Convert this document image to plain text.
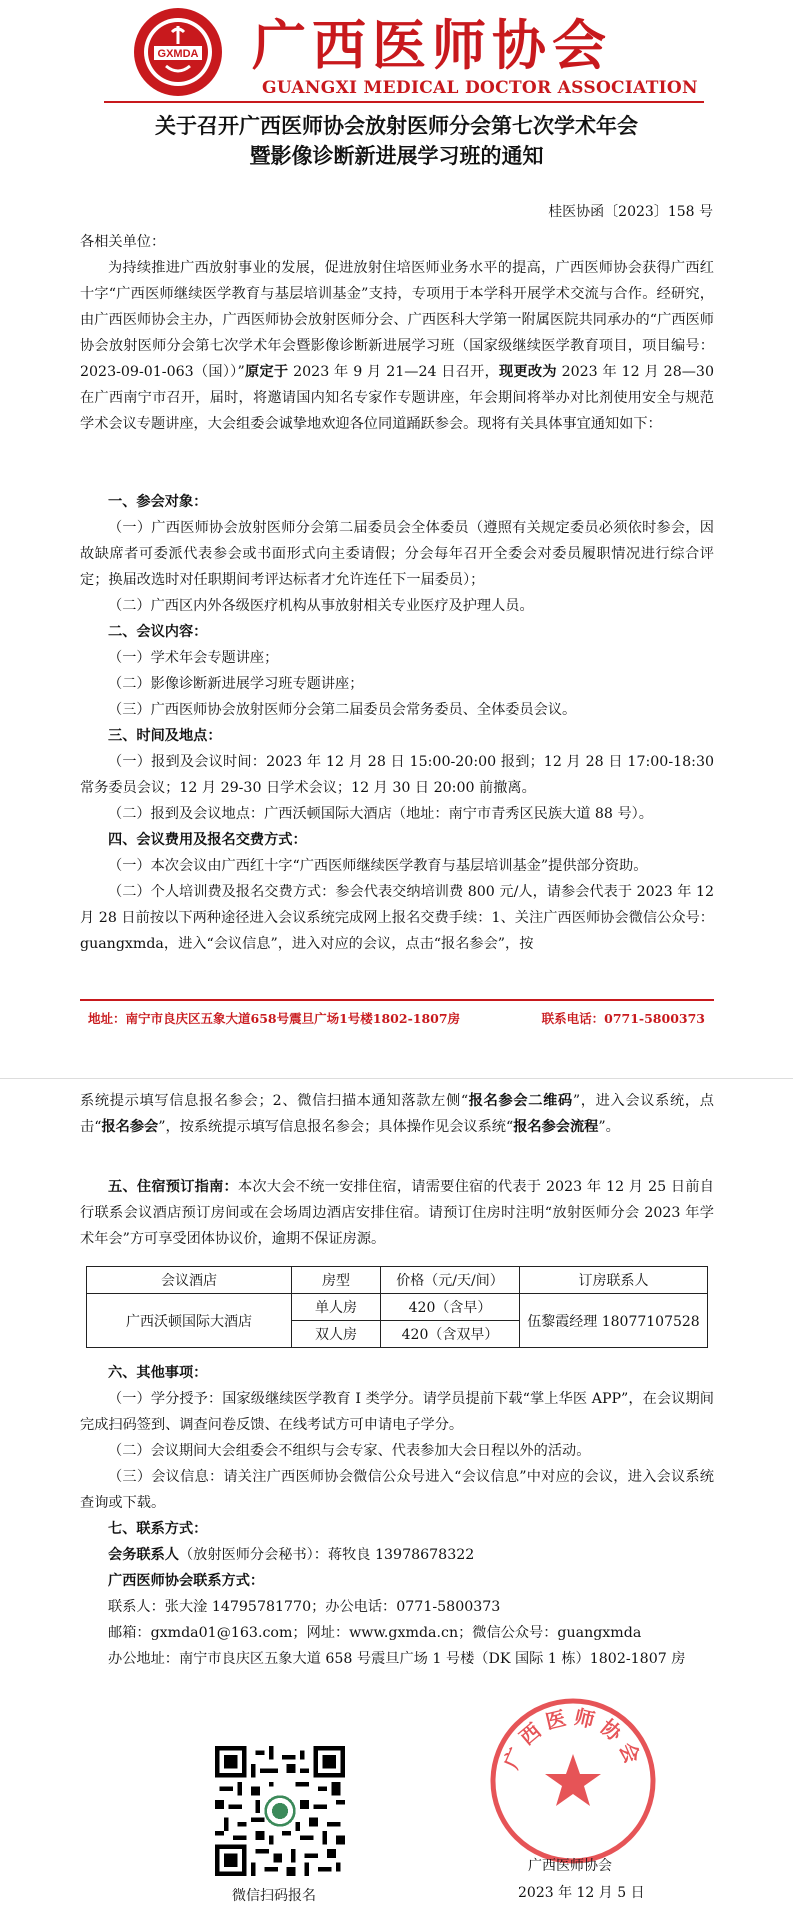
GXMDA 广西医师协会
GUANGXI MEDICAL DOCTOR ASSOCIATION
关于召开广西医师协会放射医师分会第七次学术年会
暨影像诊断新进展学习班的通知
桂医协函〔2023〕158 号
各相关单位：
为持续推进广西放射事业的发展，促进放射住培医师业务水平的提高，广西医师协会获得广西红十字“广西医师继续医学教育与基层培训基金”支持，专项用于本学科开展学术交流与合作。经研究，由广西医师协会主办，广西医师协会放射医师分会、广西医科大学第一附属医院共同承办的“广西医师协会放射医师分会第七次学术年会暨影像诊断新进展学习班（国家级继续医学教育项目，项目编号：2023-09-01-063（国））”原定于 2023 年 9 月 21—24 日召开，现更改为 2023 年 12 月 28—30 在广西南宁市召开，届时，将邀请国内知名专家作专题讲座，年会期间将举办对比剂使用安全与规范学术会议专题讲座，大会组委会诚挚地欢迎各位同道踊跃参会。现将有关具体事宜通知如下：
一、参会对象：
（一）广西医师协会放射医师分会第二届委员会全体委员（遵照有关规定委员必须依时参会，因故缺席者可委派代表参会或书面形式向主委请假；分会每年召开全委会对委员履职情况进行综合评定；换届改选时对任职期间考评达标者才允许连任下一届委员）；
（二）广西区内外各级医疗机构从事放射相关专业医疗及护理人员。
二、会议内容：
（一）学术年会专题讲座；
（二）影像诊断新进展学习班专题讲座；
（三）广西医师协会放射医师分会第二届委员会常务委员、全体委员会议。
三、时间及地点：
（一）报到及会议时间：2023 年 12 月 28 日 15:00-20:00 报到；12 月 28 日 17:00-18:30 常务委员会议；12 月 29-30 日学术会议；12 月 30 日 20:00 前撤离。
（二）报到及会议地点：广西沃顿国际大酒店（地址：南宁市青秀区民族大道 88 号）。
四、会议费用及报名交费方式：
（一）本次会议由广西红十字“广西医师继续医学教育与基层培训基金”提供部分资助。
（二）个人培训费及报名交费方式：参会代表交纳培训费 800 元/人，请参会代表于 2023 年 12 月 28 日前按以下两种途径进入会议系统完成网上报名交费手续：1、关注广西医师协会微信公众号：guangxmda，进入“会议信息”，进入对应的会议，点击“报名参会”，按
地址：南宁市良庆区五象大道658号震旦广场1号楼1802-1807房	联系电话：0771-5800373
系统提示填写信息报名参会；2、微信扫描本通知落款左侧“报名参会二维码”，进入会议系统，点击“报名参会”，按系统提示填写信息报名参会；具体操作见会议系统“报名参会流程”。
五、住宿预订指南：本次大会不统一安排住宿，请需要住宿的代表于 2023 年 12 月 25 日前自行联系会议酒店预订房间或在会场周边酒店安排住宿。请预订住房时注明“放射医师分会 2023 年学术年会”方可享受团体协议价，逾期不保证房源。
会议酒店	房型	价格（元/天/间）	订房联系人
广西沃顿国际大酒店	单人房	420（含早）	伍黎霞经理 18077107528
	双人房	420（含双早）	
六、其他事项：
（一）学分授予：国家级继续医学教育 I 类学分。请学员提前下载“掌上华医 APP”，在会议期间完成扫码签到、调查问卷反馈、在线考试方可申请电子学分。
（二）会议期间大会组委会不组织与会专家、代表参加大会日程以外的活动。
（三）会议信息：请关注广西医师协会微信公众号进入“会议信息”中对应的会议，进入会议系统查询或下载。
七、联系方式：
会务联系人（放射医师分会秘书）：蒋牧良 13978678322
广西医师协会联系方式：
联系人：张大淦 14795781770；办公电话：0771-5800373
邮箱：gxmda01@163.com；网址：www.gxmda.cn；微信公众号：guangxmda
办公地址：南宁市良庆区五象大道 658 号震旦广场 1 号楼（DK 国际 1 栋）1802-1807 房
微信扫码报名
广西医师协会
广西医师协会
2023 年 12 月 5 日
